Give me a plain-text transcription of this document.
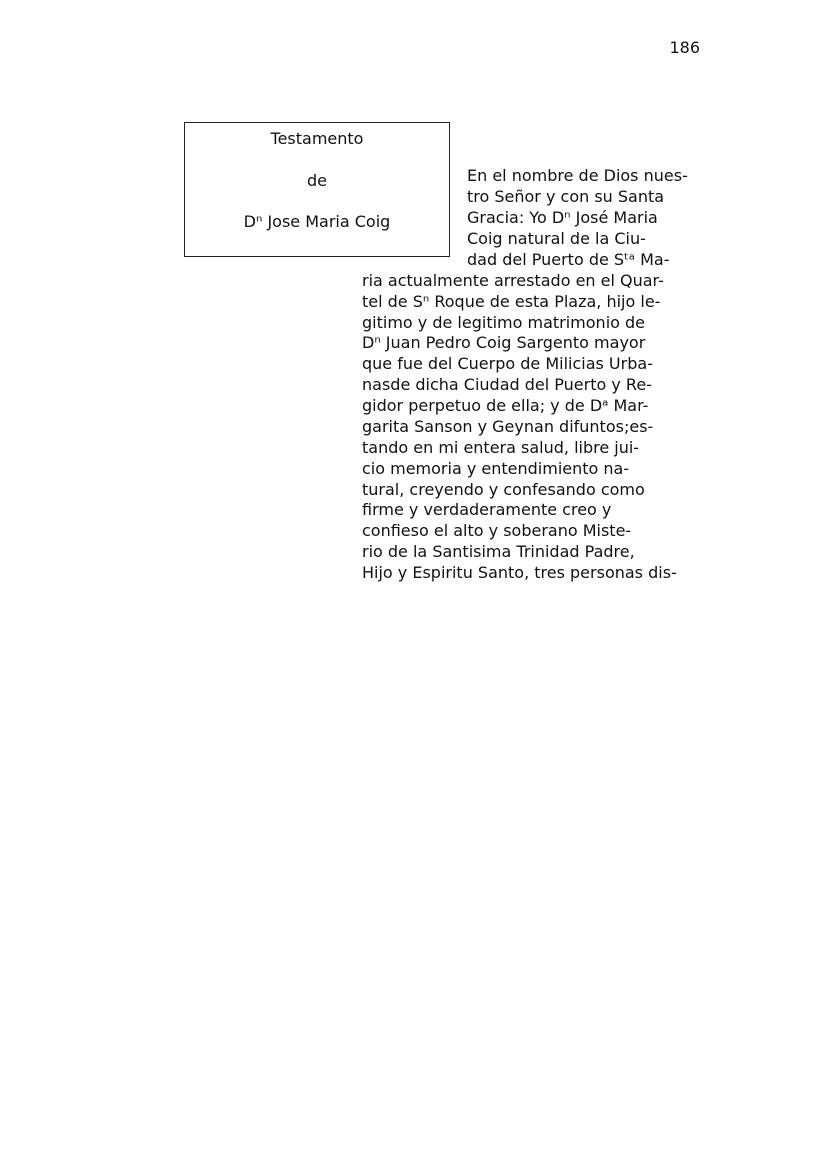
186
Testamento
de
Dⁿ Jose Maria Coig
En el nombre de Dios nues-
tro Señor y con su Santa
Gracia: Yo Dⁿ José Maria
Coig natural de la Ciu-
dad del Puerto de Sᵗᵃ Ma-
ria actualmente arrestado en el Quar-
tel de Sⁿ Roque de esta Plaza, hijo le-
gitimo y de legitimo matrimonio de
Dⁿ Juan Pedro Coig Sargento mayor
que fue del Cuerpo de Milicias Urba-
nasde dicha Ciudad del Puerto y Re-
gidor perpetuo de ella; y de Dᵃ Mar-
garita Sanson y Geynan difuntos;es-
tando en mi entera salud, libre jui-
cio memoria y entendimiento na-
tural, creyendo y confesando como
firme y verdaderamente creo y
confieso el alto y soberano Miste-
rio de la Santisima Trinidad Padre,
Hijo y Espiritu Santo, tres personas dis-
